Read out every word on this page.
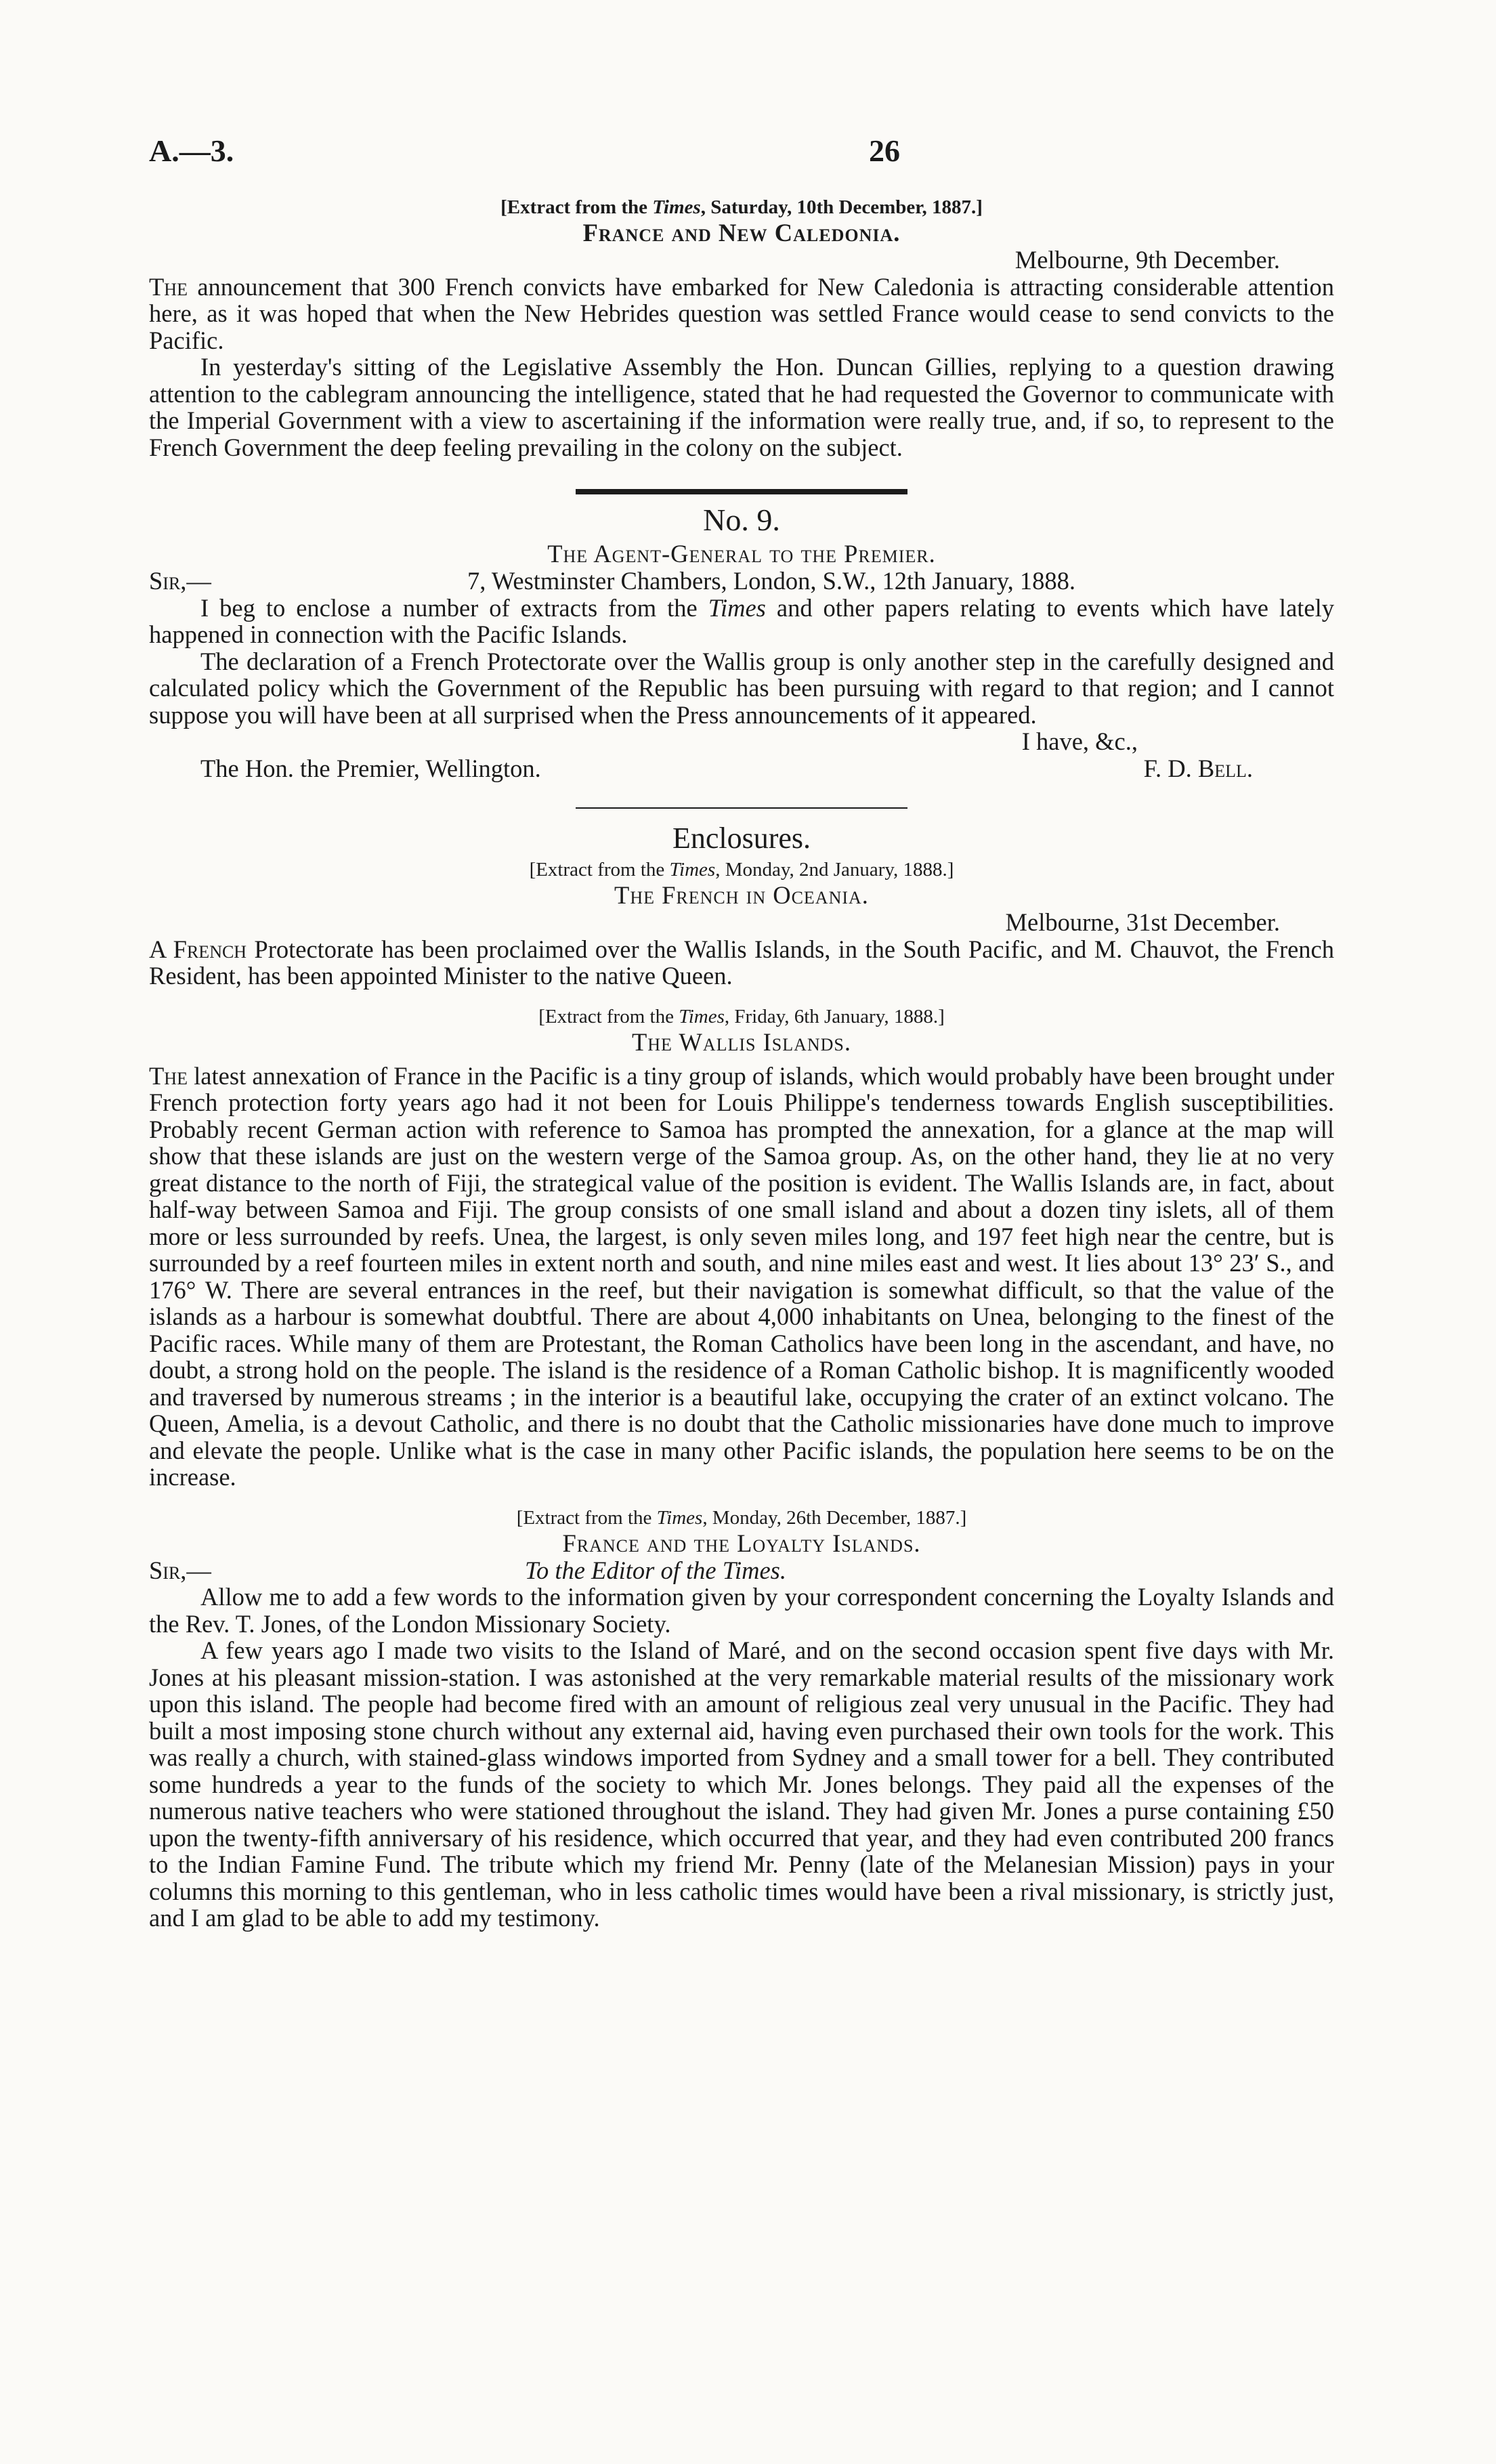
A.—3.	26

[Extract from the Times, Saturday, 10th December, 1887.]

France and New Caledonia.

Melbourne, 9th December.

The announcement that 300 French convicts have embarked for New Caledonia is attracting considerable attention here, as it was hoped that when the New Hebrides question was settled France would cease to send convicts to the Pacific.

In yesterday's sitting of the Legislative Assembly the Hon. Duncan Gillies, replying to a question drawing attention to the cablegram announcing the intelligence, stated that he had requested the Governor to communicate with the Imperial Government with a view to ascertaining if the information were really true, and, if so, to represent to the French Government the deep feeling prevailing in the colony on the subject.

No. 9.

The Agent-General to the Premier.

Sir,—	7, Westminster Chambers, London, S.W., 12th January, 1888.

I beg to enclose a number of extracts from the Times and other papers relating to events which have lately happened in connection with the Pacific Islands.

The declaration of a French Protectorate over the Wallis group is only another step in the carefully designed and calculated policy which the Government of the Republic has been pursuing with regard to that region; and I cannot suppose you will have been at all surprised when the Press announcements of it appeared.

I have, &c.,

The Hon. the Premier, Wellington.	F. D. Bell.

Enclosures.

[Extract from the Times, Monday, 2nd January, 1888.]

The French in Oceania.

Melbourne, 31st December.

A French Protectorate has been proclaimed over the Wallis Islands, in the South Pacific, and M. Chauvot, the French Resident, has been appointed Minister to the native Queen.

[Extract from the Times, Friday, 6th January, 1888.]

The Wallis Islands.

The latest annexation of France in the Pacific is a tiny group of islands, which would probably have been brought under French protection forty years ago had it not been for Louis Philippe's tenderness towards English susceptibilities. Probably recent German action with reference to Samoa has prompted the annexation, for a glance at the map will show that these islands are just on the western verge of the Samoa group. As, on the other hand, they lie at no very great distance to the north of Fiji, the strategical value of the position is evident. The Wallis Islands are, in fact, about half-way between Samoa and Fiji. The group consists of one small island and about a dozen tiny islets, all of them more or less surrounded by reefs. Unea, the largest, is only seven miles long, and 197 feet high near the centre, but is surrounded by a reef fourteen miles in extent north and south, and nine miles east and west. It lies about 13° 23′ S., and 176° W. There are several entrances in the reef, but their navigation is somewhat difficult, so that the value of the islands as a harbour is somewhat doubtful. There are about 4,000 inhabitants on Unea, belonging to the finest of the Pacific races. While many of them are Protestant, the Roman Catholics have been long in the ascendant, and have, no doubt, a strong hold on the people. The island is the residence of a Roman Catholic bishop. It is magnificently wooded and traversed by numerous streams ; in the interior is a beautiful lake, occupying the crater of an extinct volcano. The Queen, Amelia, is a devout Catholic, and there is no doubt that the Catholic missionaries have done much to improve and elevate the people. Unlike what is the case in many other Pacific islands, the population here seems to be on the increase.

[Extract from the Times, Monday, 26th December, 1887.]

France and the Loyalty Islands.

Sir,—	To the Editor of the Times.

Allow me to add a few words to the information given by your correspondent concerning the Loyalty Islands and the Rev. T. Jones, of the London Missionary Society.

A few years ago I made two visits to the Island of Maré, and on the second occasion spent five days with Mr. Jones at his pleasant mission-station. I was astonished at the very remarkable material results of the missionary work upon this island. The people had become fired with an amount of religious zeal very unusual in the Pacific. They had built a most imposing stone church without any external aid, having even purchased their own tools for the work. This was really a church, with stained-glass windows imported from Sydney and a small tower for a bell. They contributed some hundreds a year to the funds of the society to which Mr. Jones belongs. They paid all the expenses of the numerous native teachers who were stationed throughout the island. They had given Mr. Jones a purse containing £50 upon the twenty-fifth anniversary of his residence, which occurred that year, and they had even contributed 200 francs to the Indian Famine Fund. The tribute which my friend Mr. Penny (late of the Melanesian Mission) pays in your columns this morning to this gentleman, who in less catholic times would have been a rival missionary, is strictly just, and I am glad to be able to add my testimony.
